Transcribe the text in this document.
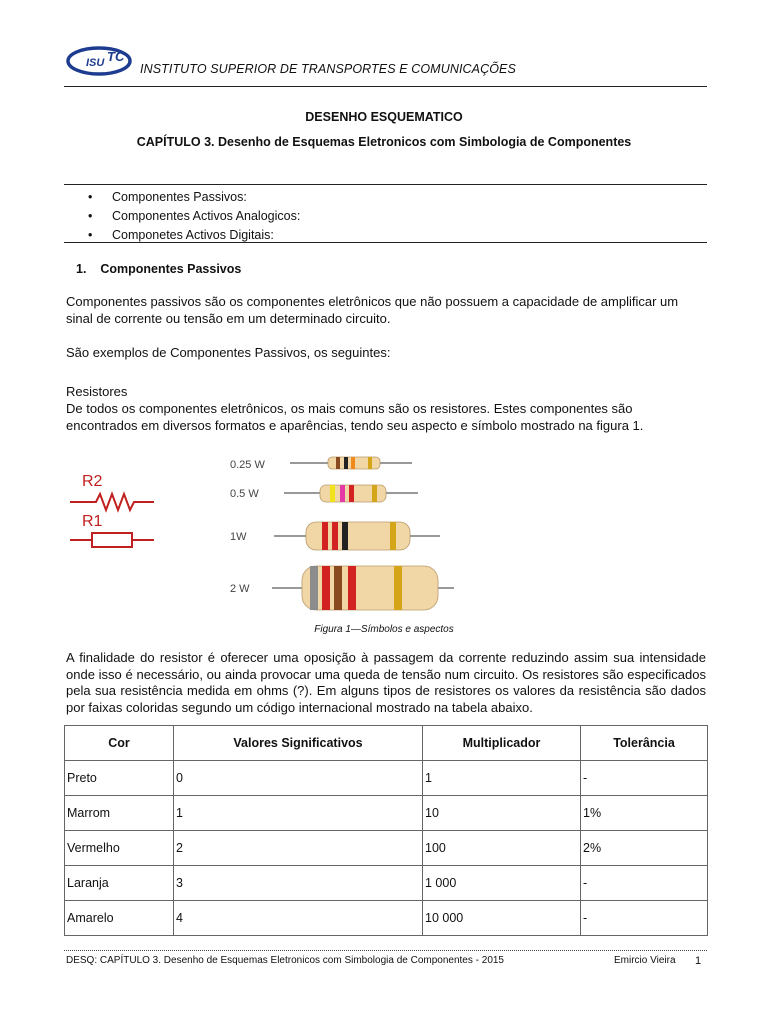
ISU TC
INSTITUTO SUPERIOR DE TRANSPORTES E COMUNICAÇÕES
DESENHO ESQUEMATICO
CAPÍTULO 3. Desenho de Esquemas Eletronicos com Simbologia de Componentes
• Componentes Passivos:
• Componentes Activos Analogicos:
• Componetes Activos Digitais:
1.    Componentes Passivos
Componentes passivos são os componentes eletrônicos que não possuem a capacidade de amplificar um sinal de corrente ou tensão em um determinado circuito.
São exemplos de Componentes Passivos, os seguintes:
Resistores
De todos os componentes eletrônicos, os mais comuns são os resistores. Estes componentes são encontrados em diversos formatos e aparências, tendo seu aspecto e símbolo mostrado na figura 1.
R2
R1
0.25 W
0.5 W
1W
2 W
Figura 1—Símbolos e aspectos
A finalidade do resistor é oferecer uma oposição à passagem da corrente reduzindo assim sua intensidade onde isso é necessário, ou ainda provocar uma queda de tensão num circuito. Os resistores são especificados pela sua resistência medida em ohms (?). Em alguns tipos de resistores os valores da resistência são dados por faixas coloridas segundo um código internacional mostrado na tabela abaixo.
Cor	Valores Significativos	Multiplicador	Tolerância
Preto	0	1	-
Marrom	1	10	1%
Vermelho	2	100	2%
Laranja	3	1 000	-
Amarelo	4	10 000	-
DESQ: CAPÍTULO 3. Desenho de Esquemas Eletronicos com Simbologia de Componentes - 2015	Emircio Vieira 1
